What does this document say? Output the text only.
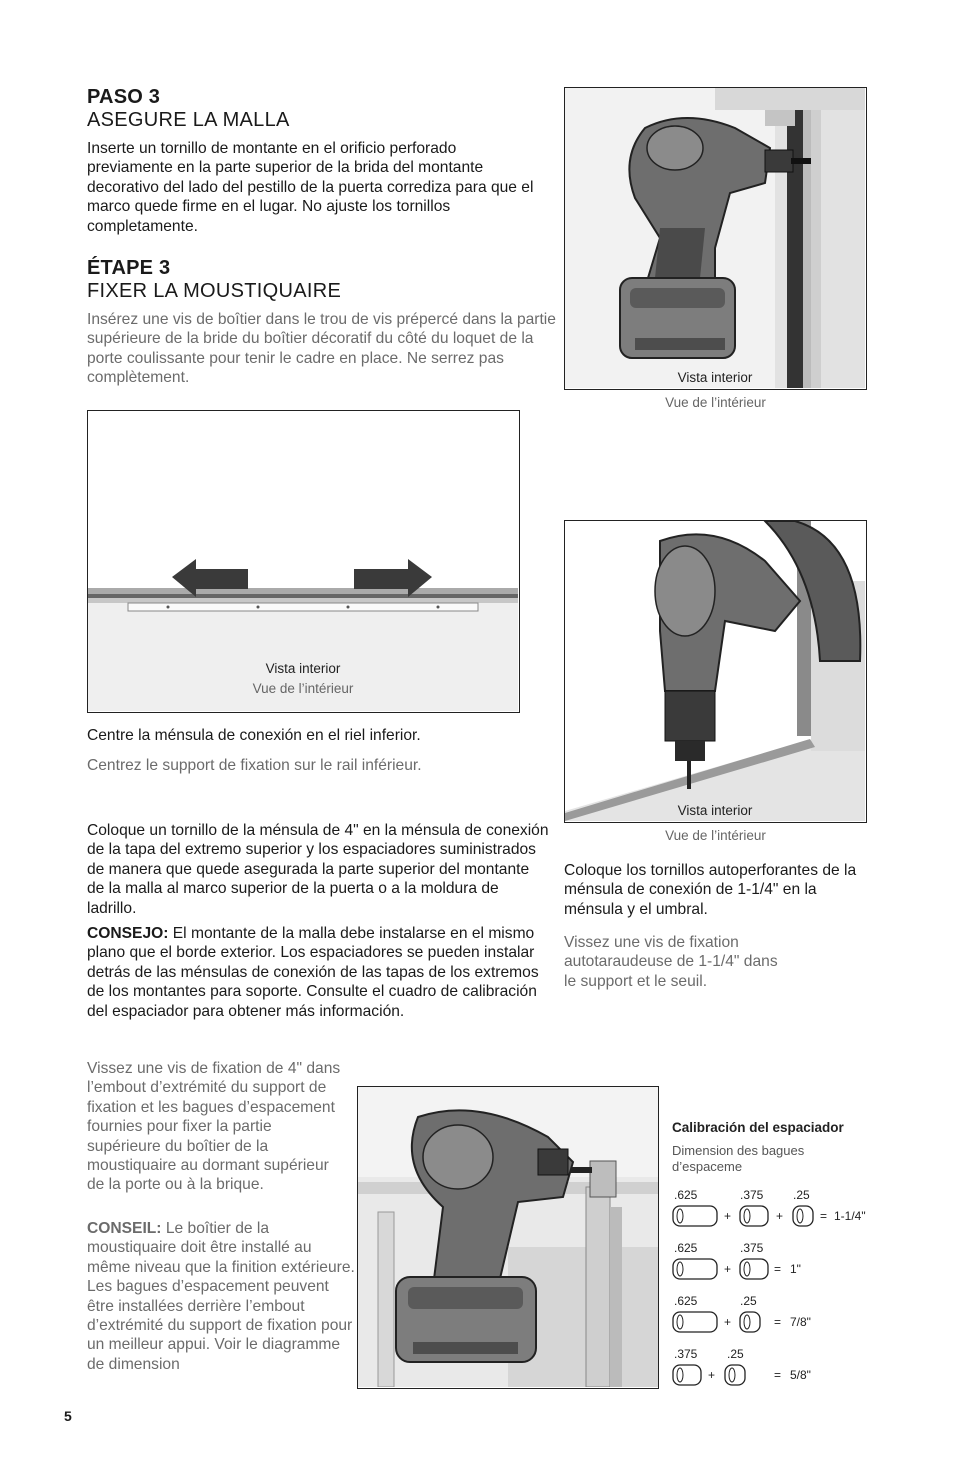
PASO 3
ASEGURE LA MALLA
Inserte un tornillo de montante en el orificio perforado previamente en la parte superior de la brida del montante decorativo del lado del pestillo de la puerta corrediza para que el marco quede firme en el lugar. No ajuste los tornillos completamente.
ÉTAPE 3
FIXER LA MOUSTIQUAIRE
Insérez une vis de boîtier dans le trou de vis prépercé dans la partie supérieure de la bride du boîtier décoratif du côté du loquet de la porte coulissante pour tenir le cadre en place. Ne serrez pas complètement.	Vista interior
Vue de l’intérieur
Vista interior
Vue de l’intérieur
Centre la ménsula de conexión en el riel inferior.
Centrez le support de fixation sur le rail inférieur.
Vista interior
Vue de l’intérieur
Coloque los tornillos autoperforantes de la ménsula de conexión de 1-1/4" en la ménsula y el umbral.
Vissez une vis de fixation autotaraudeuse de 1-1/4" dans le support et le seuil.
Coloque un tornillo de la ménsula de 4" en la ménsula de conexión de la tapa del extremo superior y los espaciadores suministrados de manera que quede asegurada la parte superior del montante de la malla al marco superior de la puerta o a la moldura de ladrillo.
CONSEJO: El montante de la malla debe instalarse en el mismo plano que el borde exterior. Los espaciadores se pueden instalar detrás de las ménsulas de conexión de las tapas de los extremos de los montantes para soporte. Consulte el cuadro de calibración del espaciador para obtener más información.
Vissez une vis de fixation de 4" dans l’embout d’extrémité du support de fixation et les bagues d’espacement fournies pour fixer la partie supérieure du boîtier de la moustiquaire au dormant supérieur de la porte ou à la brique.
CONSEIL: Le boîtier de la moustiquaire doit être installé au même niveau que la finition extérieure. Les bagues d’espacement peuvent être installées derrière l’embout d’extrémité du support de fixation pour un meilleur appui. Voir le diagramme de dimension
Calibración del espaciador
Dimension des bagues d’espaceme
.625	.375 .25
+	+	= 1-1/4"
.625	.375
+	= 1"
.625	.25
+	= 7/8"
.375 .25
+	= 5/8"
5
